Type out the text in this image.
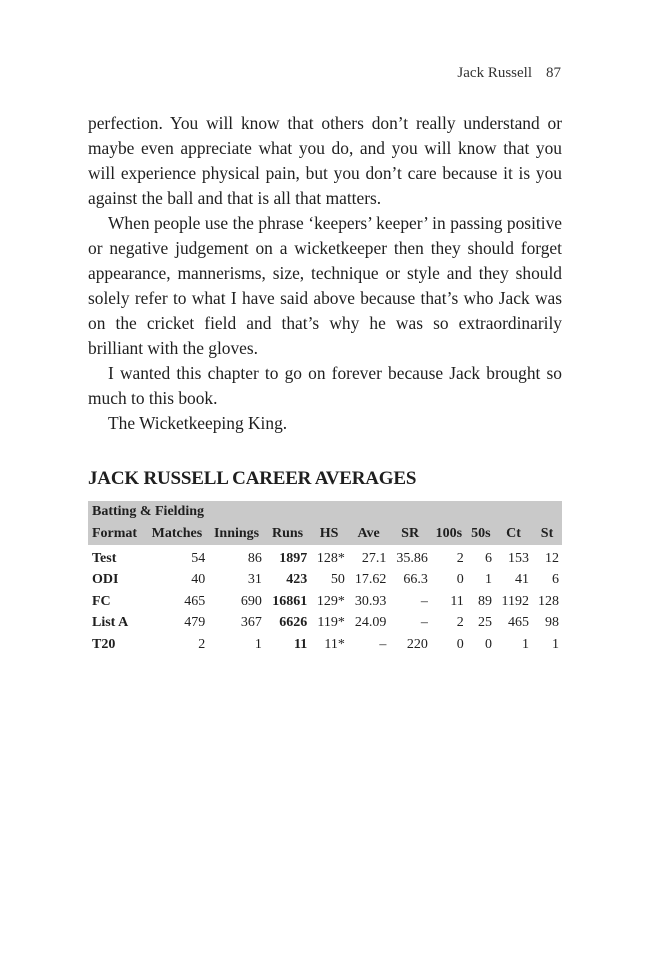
Jack Russell 87

perfection. You will know that others don’t really understand or maybe even appreciate what you do, and you will know that you will experience physical pain, but you don’t care because it is you against the ball and that is all that matters.

When people use the phrase ‘keepers’ keeper’ in passing positive or negative judgement on a wicketkeeper then they should forget appearance, mannerisms, size, technique or style and they should solely refer to what I have said above because that’s who Jack was on the cricket field and that’s why he was so extraordinarily brilliant with the gloves.

I wanted this chapter to go on forever because Jack brought so much to this book.

The Wicketkeeping King.

JACK RUSSELL CAREER AVERAGES
Batting & Fielding										
Format	Matches	Innings	Runs	HS	Ave	SR	100s	50s	Ct	St
Test	54	86	1897	128*	27.1	35.86	2	6	153	12
ODI	40	31	423	50	17.62	66.3	0	1	41	6
FC	465	690	16861	129*	30.93	–	11	89	1192	128
List A	479	367	6626	119*	24.09	–	2	25	465	98
T20	2	1	11	11*	–	220	0	0	1	1
